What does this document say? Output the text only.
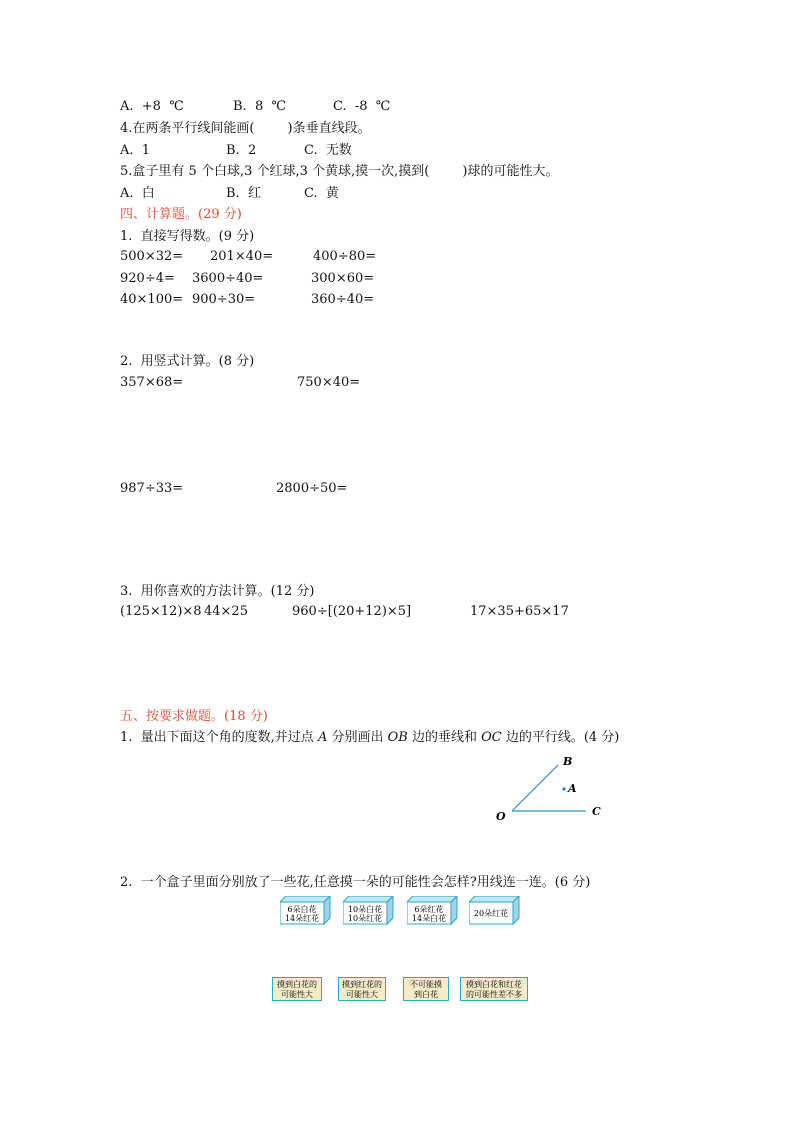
A.  +8  ℃	B.  8  ℃	C.  -8  ℃
4.在两条平行线间能画(        )条垂直线段。
A.  1	B.  2	C.  无数
5.盒子里有 5 个白球,3 个红球,3 个黄球,摸一次,摸到(        )球的可能性大。
A.  白	B.  红	C.  黄
四、计算题。(29 分)
1.  直接写得数。(9 分)
500×32= 201×40=	400÷80=
920÷4= 3600÷40=	300×60=
40×100= 900÷30=	360÷40=
2.  用竖式计算。(8 分)
357×68=	750×40=
987÷33=	2800÷50=
3.  用你喜欢的方法计算。(12 分)
(125×12)×8 44×25	960÷[(20+12)×5]	17×35+65×17
五、按要求做题。(18 分)
1.  量出下面这个角的度数,并过点 A 分别画出 OB 边的垂线和 OC 边的平行线。(4 分)
O
B
A
C
2.  一个盒子里面分别放了一些花,任意摸一朵的可能性会怎样?用线连一连。(6 分)
6朵白花
14朵红花
10朵白花
10朵红花
6朵红花
14朵白花
20朵红花
摸到白花的
可能性大
摸到红花的
可能性大
不可能摸
到白花
摸到白花和红花
的可能性差不多
